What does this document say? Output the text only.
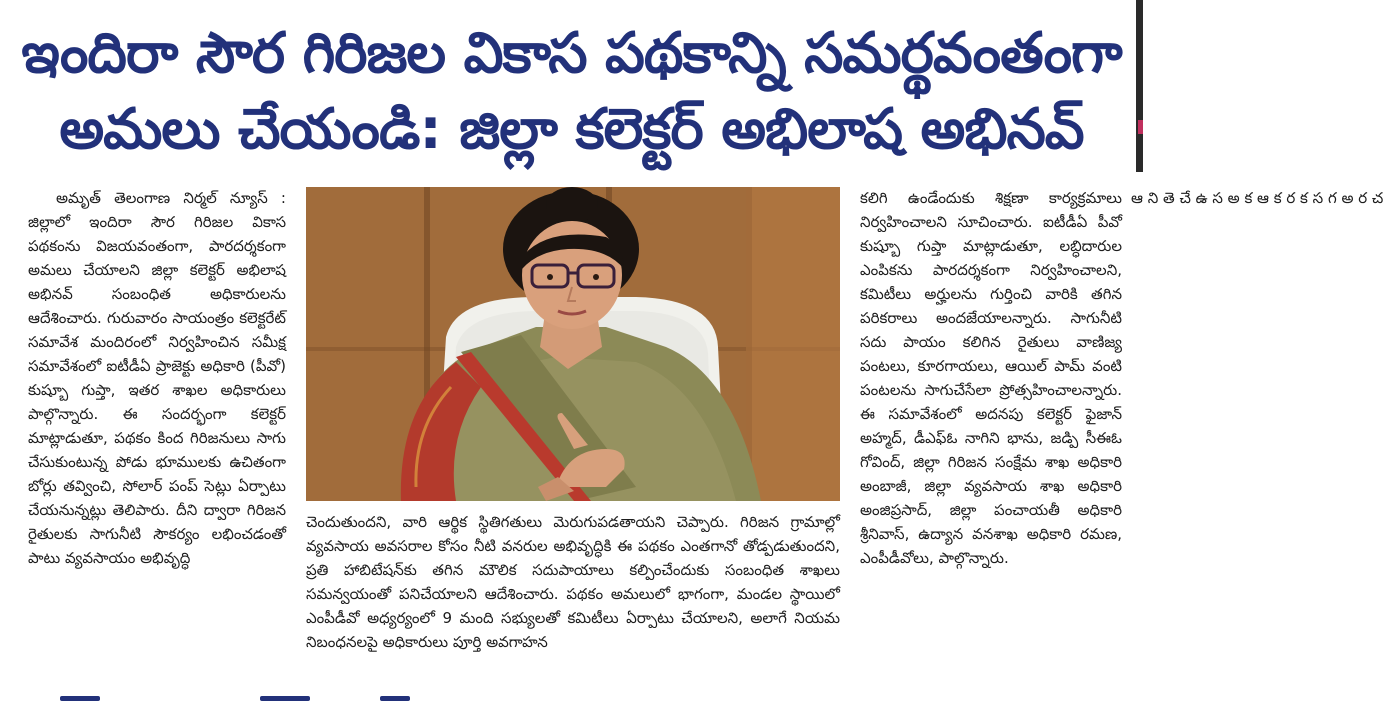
ఇందిరా సౌర గిరిజల వికాస పథకాన్ని సమర్థవంతంగా
అమలు చేయండి: జిల్లా కలెక్టర్ అభిలాష అభినవ్

అమృత్ తెలంగాణ నిర్మల్ న్యూస్ : జిల్లాలో ఇందిరా సౌర గిరిజల వికాస పథకంను విజయవంతంగా, పారదర్శకంగా అమలు చేయాలని జిల్లా కలెక్టర్ అభిలాష అభినవ్ సంబంధిత అధికారులను ఆదేశించారు. గురువారం సాయంత్రం కలెక్టరేట్ సమావేశ మందిరంలో నిర్వహించిన సమీక్ష సమావేశంలో ఐటీడీఏ ప్రాజెక్టు అధికారి (పీవో) కుష్బూ గుప్తా, ఇతర శాఖల అధికారులు పాల్గొన్నారు. ఈ సందర్భంగా కలెక్టర్ మాట్లాడుతూ, పథకం కింద గిరిజనులు సాగు చేసుకుంటున్న పోడు భూములకు ఉచితంగా బోర్లు తవ్వించి, సోలార్ పంప్ సెట్లు ఏర్పాటు చేయనున్నట్లు తెలిపారు. దీని ద్వారా గిరిజన రైతులకు సాగునీటి సౌకర్యం లభించడంతో పాటు వ్యవసాయం అభివృద్ధి

చెందుతుందని, వారి ఆర్థిక స్థితిగతులు మెరుగుపడతాయని చెప్పారు. గిరిజన గ్రామాల్లో వ్యవసాయ అవసరాల కోసం నీటి వనరుల అభివృద్ధికి ఈ పథకం ఎంతగానో తోడ్పడుతుందని, ప్రతి హాబిటేషన్‌కు తగిన మౌలిక సదుపాయాలు కల్పించేందుకు సంబంధిత శాఖలు సమన్వయంతో పనిచేయాలని ఆదేశించారు. పథకం అమలులో భాగంగా, మండల స్థాయిలో ఎంపీడీవో అధ్యర్యంలో 9 మంది సభ్యులతో కమిటీలు ఏర్పాటు చేయాలని, అలాగే నియమ నిబంధనలపై అధికారులు పూర్తి అవగాహన

కలిగి ఉండేందుకు శిక్షణా కార్యక్రమాలు నిర్వహించాలని సూచించారు. ఐటీడీఏ పీవో కుష్బూ గుప్తా మాట్లాడుతూ, లబ్ధిదారుల ఎంపికను పారదర్శకంగా నిర్వహించాలని, కమిటీలు అర్హులను గుర్తించి వారికి తగిన పరికరాలు అందజేయాలన్నారు. సాగునీటి సదు పాయం కలిగిన రైతులు వాణిజ్య పంటలు, కూరగాయలు, ఆయిల్ పామ్ వంటి పంటలను సాగుచేసేలా ప్రోత్సహించాలన్నారు. ఈ సమావేశంలో అదనపు కలెక్టర్ ఫైజాన్ అహ్మద్, డీఎఫ్ఓ నాగిని భాను, జడ్పి సీఈఓ గోవింద్, జిల్లా గిరిజన సంక్షేమ శాఖ అధికారి అంబాజీ, జిల్లా వ్యవసాయ శాఖ అధికారి అంజిప్రసాద్, జిల్లా పంచాయతీ అధికారి శ్రీనివాస్, ఉద్యాన వనశాఖ అధికారి రమణ, ఎంపీడీవోలు, పాల్గొన్నారు.

ఆ ని తె చే ఉ స అ క ఆ క ర క స గ అ ర చ
